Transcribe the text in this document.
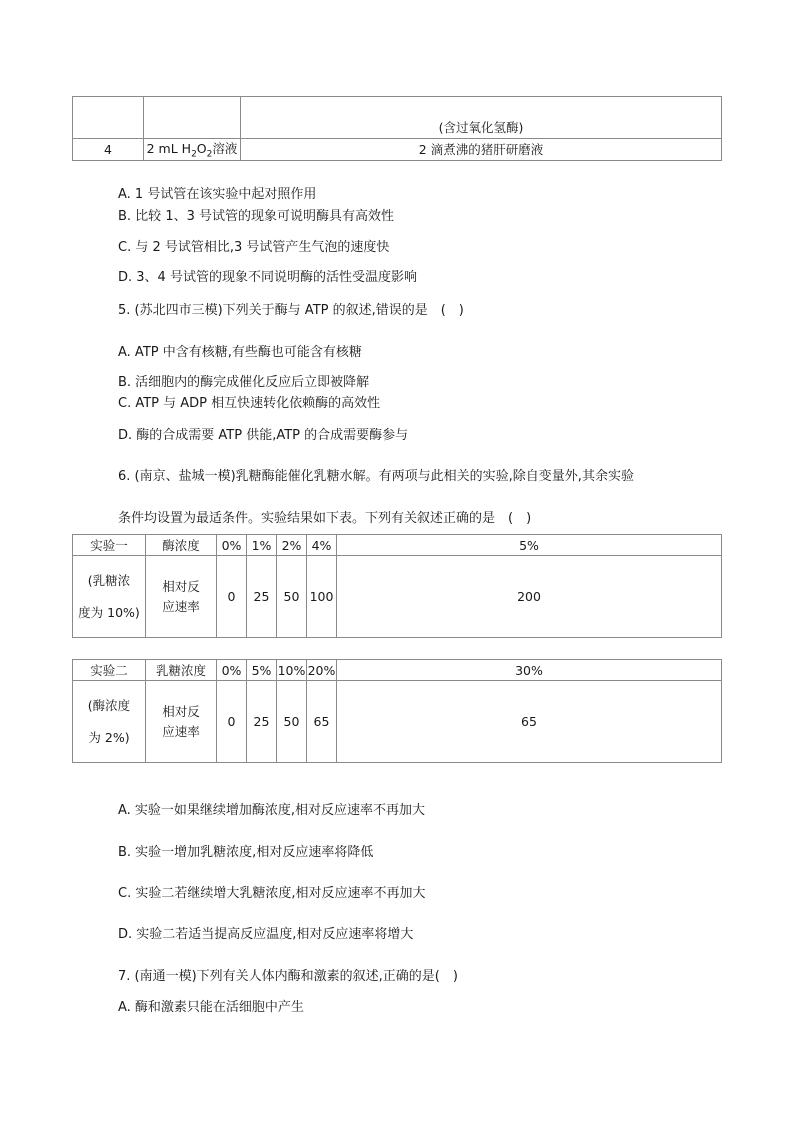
		(含过氧化氢酶)
4	2 mL $H_2O_2$溶液	2 滴煮沸的猪肝研磨液
A. 1 号试管在该实验中起对照作用
B. 比较 1、3 号试管的现象可说明酶具有高效性
C. 与 2 号试管相比,3 号试管产生气泡的速度快
D. 3、4 号试管的现象不同说明酶的活性受温度影响
5. (苏北四市三模)下列关于酶与 ATP 的叙述,错误的是　(　)
A. ATP 中含有核糖,有些酶也可能含有核糖
B. 活细胞内的酶完成催化反应后立即被降解
C. ATP 与 ADP 相互快速转化依赖酶的高效性
D. 酶的合成需要 ATP 供能,ATP 的合成需要酶参与
6. (南京、盐城一模)乳糖酶能催化乳糖水解。有两项与此相关的实验,除自变量外,其余实验
条件均设置为最适条件。实验结果如下表。下列有关叙述正确的是　(　)
实验一	酶浓度	0%	1%	2%	4%	5%

(乳糖浓
度为 10%)	相对反
应速率	0	25	50	100	200
实验二	乳糖浓度	0%	5%	10%	20%	30%

(酶浓度
为 2%)	相对反
应速率	0	25	50	65	65
A. 实验一如果继续增加酶浓度,相对反应速率不再加大
B. 实验一增加乳糖浓度,相对反应速率将降低
C. 实验二若继续增大乳糖浓度,相对反应速率不再加大
D. 实验二若适当提高反应温度,相对反应速率将增大
7. (南通一模)下列有关人体内酶和激素的叙述,正确的是(　)
A. 酶和激素只能在活细胞中产生
